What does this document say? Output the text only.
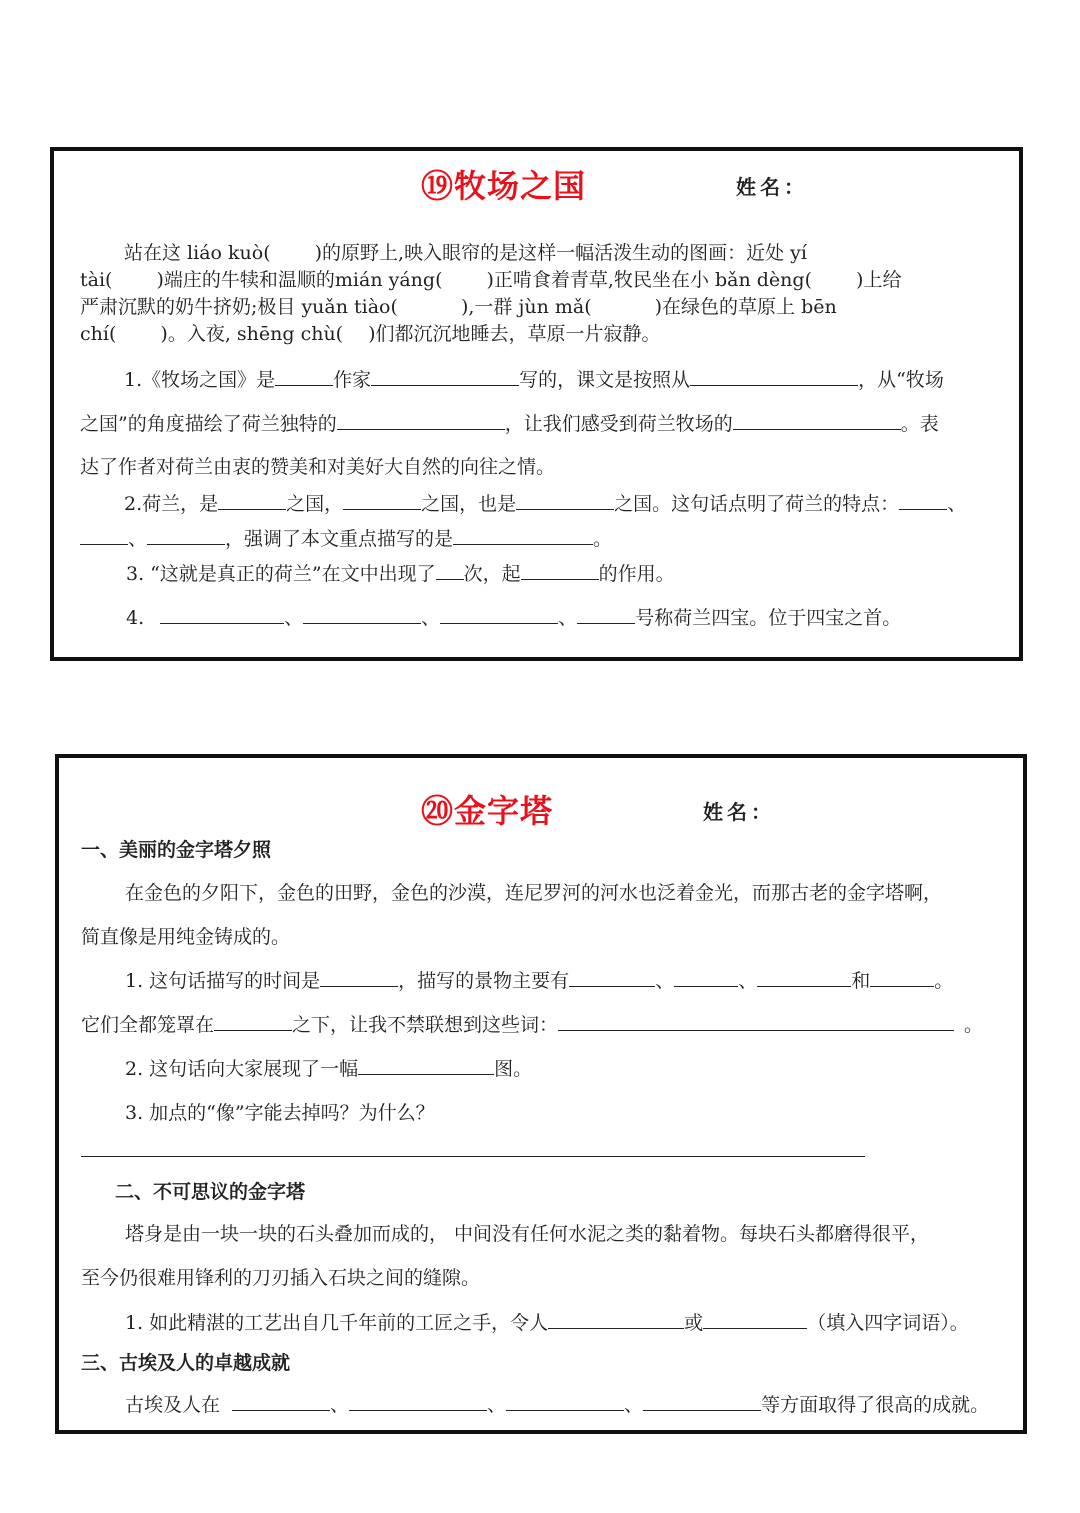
⑲牧场之国	姓名：
站在这 liáo kuò(　　 )的原野上,映入眼帘的是这样一幅活泼生动的图画：近处 yí
tài(　　 )端庄的牛犊和温顺的mián yáng(　　 )正啃食着青草,牧民坐在小 bǎn dèng(　　 )上给
严肃沉默的奶牛挤奶;极目 yuǎn tiào(　　　 ),一群 jùn mǎ(　　　 )在绿色的草原上 bēn
chí(　　 )。入夜, shēng chù(　 )们都沉沉地睡去，草原一片寂静。
1.《牧场之国》是	作家	写的，课文是按照从	，从“牧场
之国”的角度描绘了荷兰独特的	，让我们感受到荷兰牧场的	。表
达了作者对荷兰由衷的赞美和对美好大自然的向往之情。
2.荷兰，是	之国，	之国，也是	之国。这句话点明了荷兰的特点：	、
、	，强调了本文重点描写的是	。
3. “这就是真正的荷兰”在文中出现了 次，起	的作用。
4.	、	、	、	号称荷兰四宝。位于四宝之首。
⑳金字塔	姓名：
一、美丽的金字塔夕照
在金色的夕阳下，金色的田野，金色的沙漠，连尼罗河的河水也泛着金光，而那古老的金字塔啊，
简直像是用纯金铸成的。
1. 这句话描写的时间是	，描写的景物主要有	、	、	和	。
它们全都笼罩在	之下，让我不禁联想到这些词：	。
2. 这句话向大家展现了一幅	图。
3. 加点的“像”字能去掉吗？为什么？
二、不可思议的金字塔
塔身是由一块一块的石头叠加而成的， 中间没有任何水泥之类的黏着物。每块石头都磨得很平，
至今仍很难用锋利的刀刃插入石块之间的缝隙。
1. 如此精湛的工艺出自几千年前的工匠之手，令人	或	（填入四字词语）。
三、古埃及人的卓越成就
古埃及人在	、	、	、	等方面取得了很高的成就。
